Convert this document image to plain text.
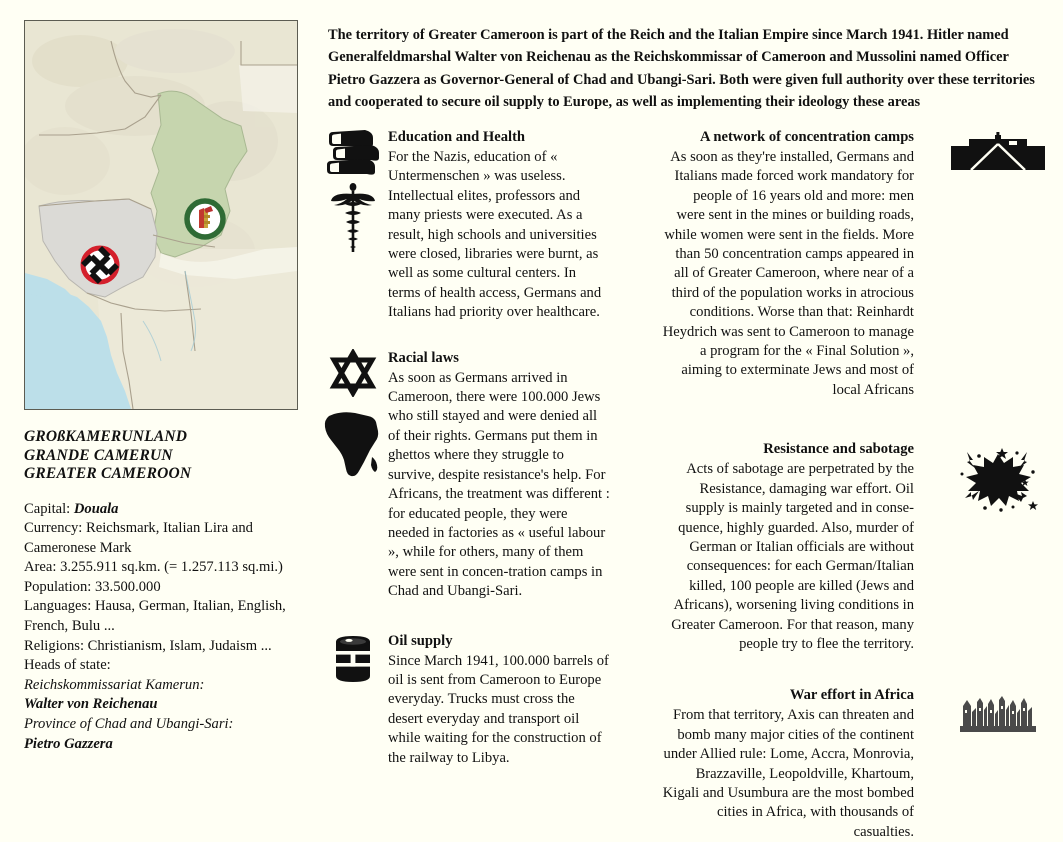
GROßKAMERUNLAND
GRANDE CAMERUN
GREATER CAMEROON
Capital: Douala
Currency: Reichsmark, Italian Lira and Cameronese Mark
Area: 3.255.911 sq.km. (= 1.257.113 sq.mi.)
Population: 33.500.000
Languages: Hausa, German, Italian, English, French, Bulu ...
Religions: Christianism, Islam, Judaism ...
Heads of state:
Reichskommissariat Kamerun:
Walter von Reichenau
Province of Chad and Ubangi-Sari:
Pietro Gazzera
The territory of Greater Cameroon is part of the Reich and the Italian Empire since March 1941. Hitler named Generalfeldmarshal Walter von Reichenau as the Reichskommissar of Cameroon and Mussolini named Officer Pietro Gazzera as Governor-General of Chad and Ubangi-Sari. Both were given full authority over these territories and cooperated to secure oil supply to Europe, as well as implementing their ideology these areas
Education and Health
For the Nazis, education of « Untermenschen » was useless. Intellectual elites, professors and many priests were executed. As a result, high schools and universities were closed, libraries were burnt, as well as some cultural centers. In terms of health access, Germans and Italians had priority over healthcare.
Racial laws
As soon as Germans arrived in Cameroon, there were 100.000 Jews who still stayed and were denied all of their rights. Germans put them in ghettos where they struggle to survive, despite resistance's help. For Africans, the treatment was different : for educated people, they were needed in factories as « useful labour », while for others, many of them were sent in concen-tration camps in Chad and Ubangi-Sari.
Oil supply
Since March 1941, 100.000 barrels of oil is sent from Cameroon to Europe everyday. Trucks must cross the desert everyday and transport oil while waiting for the construction of the railway to Libya.
A network of concentration camps
As soon as they're installed, Germans and Italians made forced work mandatory for people of 16 years old and more: men were sent in the mines or building roads, while women were sent in the fields. More than 50 concentration camps appeared in all of Greater Cameroon, where near of a third of the population works in atrocious conditions. Worse than that: Reinhardt Heydrich was sent to Cameroon to manage a program for the « Final Solution », aiming to exterminate Jews and most of local Africans
Resistance and sabotage
Acts of sabotage are perpetrated by the Resistance, damaging war effort. Oil supply is mainly targeted and in conse-quence, highly guarded. Also, murder of German or Italian officials are without consequences: for each German/Italian killed, 100 people are killed (Jews and Africans), worsening living conditions in Greater Cameroon. For that reason, many people try to flee the territory.
War effort in Africa
From that territory, Axis can threaten and bomb many major cities of the continent under Allied rule: Lome, Accra, Monrovia, Brazzaville, Leopoldville, Khartoum, Kigali and Usumbura are the most bombed cities in Africa, with thousands of casualties.
